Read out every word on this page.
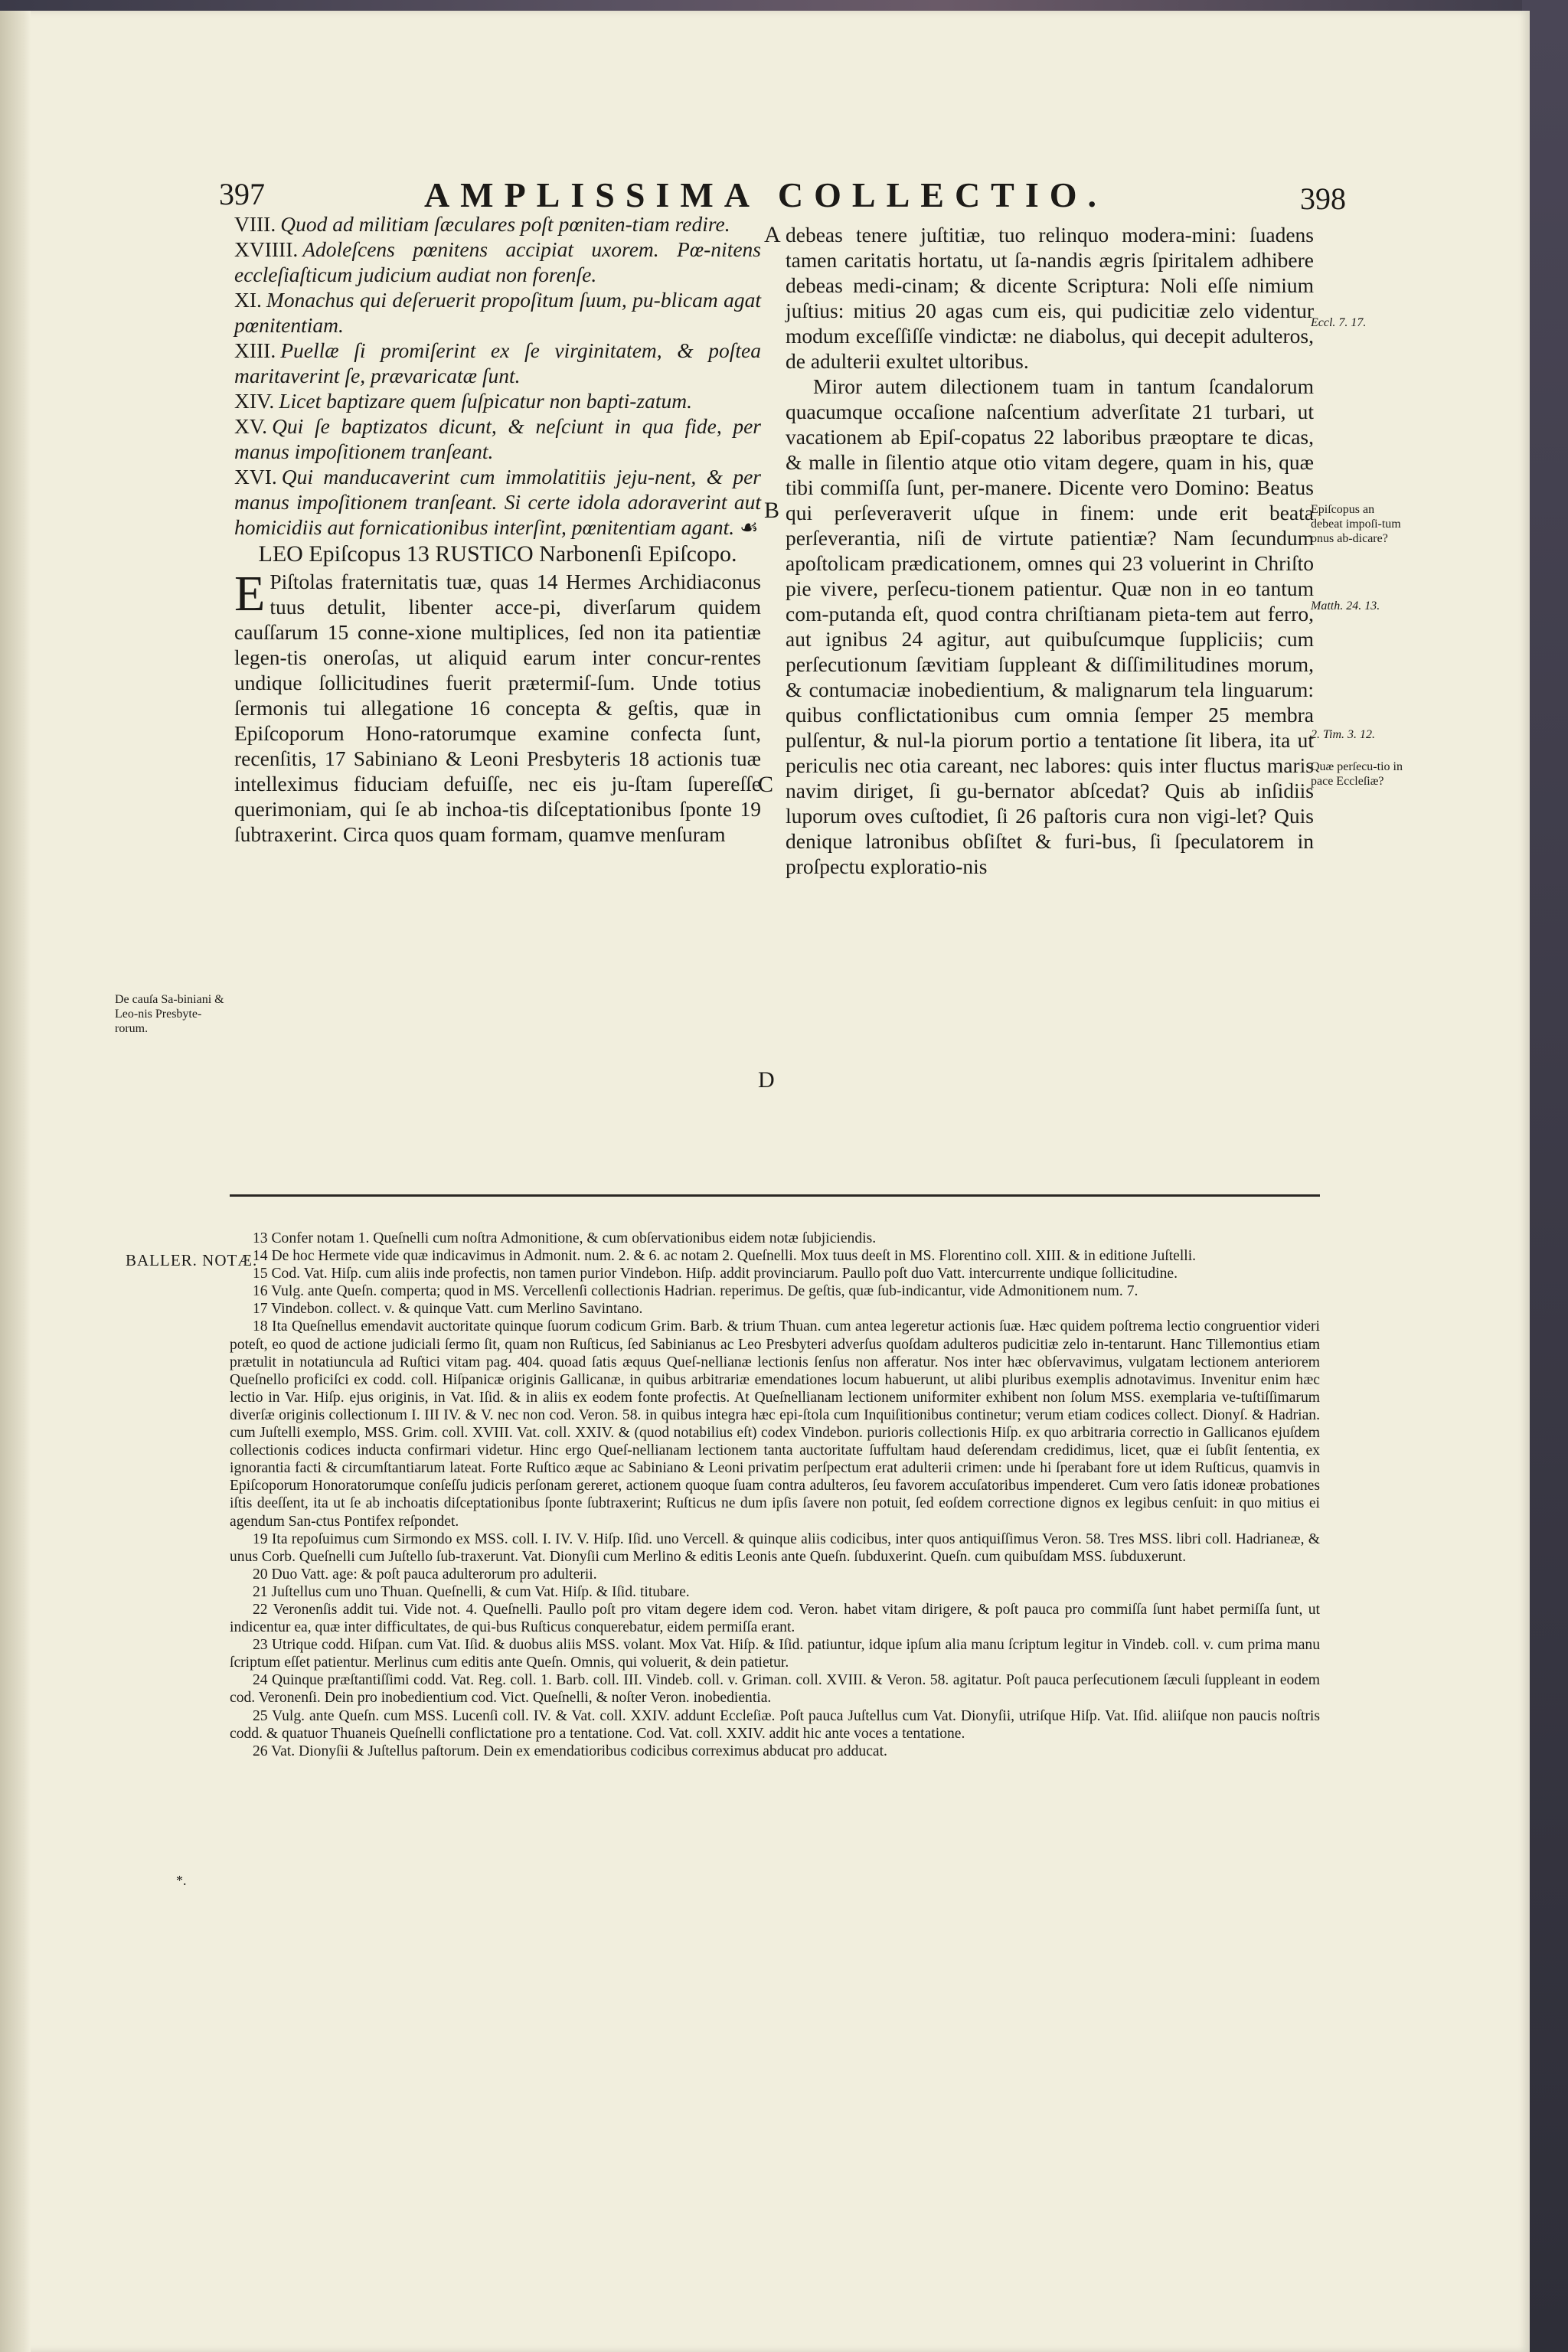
397	AMPLISSIMA COLLECTIO.	398

VIII. Quod ad militiam ſæculares poſt pœniten-tiam redire.

XVIIII. Adoleſcens pœnitens accipiat uxorem. Pœ-nitens eccleſiaſticum judicium audiat non forenſe.

XI. Monachus qui deſeruerit propoſitum ſuum, pu-blicam agat pœnitentiam.

XIII. Puellæ ſi promiſerint ex ſe virginitatem, & poſtea maritaverint ſe, prævaricatæ ſunt.

XIV. Licet baptizare quem ſuſpicatur non bapti-zatum.

XV. Qui ſe baptizatos dicunt, & neſciunt in qua fide, per manus impoſitionem tranſeant.

XVI. Qui manducaverint cum immolatitiis jeju-nent, & per manus impoſitionem tranſeant. Si certe idola adoraverint aut homicidiis aut fornicationibus interſint, pœnitentiam agant. ☙

LEO Epiſcopus 13 RUSTICO Narbonenſi Epiſcopo.

E Piſtolas fraternitatis tuæ, quas 14 Hermes Archidiaconus tuus detulit, libenter acce-pi, diverſarum quidem cauſſarum 15 conne-xione multiplices, ſed non ita patientiæ legen-tis oneroſas, ut aliquid earum inter concur-rentes undique ſollicitudines fuerit prætermiſ-ſum. Unde totius ſermonis tui allegatione 16 concepta & geſtis, quæ in Epiſcoporum Hono-ratorumque examine confecta ſunt, recenſitis, 17 Sabiniano & Leoni Presbyteris 18 actionis tuæ intelleximus fiduciam defuiſſe, nec eis ju-ſtam ſupereſſe querimoniam, qui ſe ab inchoa-tis diſceptationibus ſponte 19 ſubtraxerint. Circa quos quam formam, quamve menſuram

debeas tenere juſtitiæ, tuo relinquo modera-mini: ſuadens tamen caritatis hortatu, ut ſa-nandis ægris ſpiritalem adhibere debeas medi-cinam; & dicente Scriptura: Noli eſſe nimium juſtius: mitius 20 agas cum eis, qui pudicitiæ zelo videntur modum exceſſiſſe vindictæ: ne diabolus, qui decepit adulteros, de adulterii exultet ultoribus.

Miror autem dilectionem tuam in tantum ſcandalorum quacumque occaſione naſcentium adverſitate 21 turbari, ut vacationem ab Epiſ-copatus 22 laboribus præoptare te dicas, & malle in ſilentio atque otio vitam degere, quam in his, quæ tibi commiſſa ſunt, per-manere. Dicente vero Domino: Beatus qui perſeveraverit uſque in finem: unde erit beata perſeverantia, niſi de virtute patientiæ? Nam ſecundum apoſtolicam prædicationem, omnes qui 23 voluerint in Chriſto pie vivere, perſecu-tionem patientur. Quæ non in eo tantum com-putanda eſt, quod contra chriſtianam pieta-tem aut ferro, aut ignibus 24 agitur, aut quibuſcumque ſuppliciis; cum perſecutionum ſævitiam ſuppleant & diſſimilitudines morum, & contumaciæ inobedientium, & malignarum tela linguarum: quibus conflictationibus cum omnia ſemper 25 membra pulſentur, & nul-la piorum portio a tentatione ſit libera, ita ut periculis nec otia careant, nec labores: quis inter fluctus maris navim diriget, ſi gu-bernator abſcedat? Quis ab inſidiis luporum oves cuſtodiet, ſi 26 paſtoris cura non vigi-let? Quis denique latronibus obſiſtet & furi-bus, ſi ſpeculatorem in proſpectu exploratio-nis

A
B
C
D
Eccl. 7. 17.
Epiſcopus an debeat impoſi-tum onus ab-dicare?
Matth. 24. 13.
2. Tim. 3. 12.
Quæ perſecu-tio in pace Eccleſiæ?
De cauſa Sa-biniani & Leo-nis Presbyte-rorum.
BALLER. NOTÆ.
*.

13 Confer notam 1. Queſnelli cum noſtra Admonitione, & cum obſervationibus eidem notæ ſubjiciendis.

14 De hoc Hermete vide quæ indicavimus in Admonit. num. 2. & 6. ac notam 2. Queſnelli. Mox tuus deeſt in MS. Florentino coll. XIII. & in editione Juſtelli.

15 Cod. Vat. Hiſp. cum aliis inde profectis, non tamen purior Vindebon. Hiſp. addit provinciarum. Paullo poſt duo Vatt. intercurrente undique ſollicitudine.

16 Vulg. ante Queſn. comperta; quod in MS. Vercellenſi collectionis Hadrian. reperimus. De geſtis, quæ ſub-indicantur, vide Admonitionem num. 7.

17 Vindebon. collect. v. & quinque Vatt. cum Merlino Savintano.

18 Ita Queſnellus emendavit auctoritate quinque ſuorum codicum Grim. Barb. & trium Thuan. cum antea legeretur actionis ſuæ. Hæc quidem poſtrema lectio congruentior videri poteſt, eo quod de actione judiciali ſermo ſit, quam non Ruſticus, ſed Sabinianus ac Leo Presbyteri adverſus quoſdam adulteros pudicitiæ zelo in-tentarunt. Hanc Tillemontius etiam prætulit in notatiuncula ad Ruſtici vitam pag. 404. quoad ſatis æquus Queſ-nellianæ lectionis ſenſus non afferatur. Nos inter hæc obſervavimus, vulgatam lectionem anteriorem Queſnello proficiſci ex codd. coll. Hiſpanicæ originis Gallicanæ, in quibus arbitrariæ emendationes locum habuerunt, ut alibi pluribus exemplis adnotavimus. Invenitur enim hæc lectio in Var. Hiſp. ejus originis, in Vat. Iſid. & in aliis ex eodem fonte profectis. At Queſnellianam lectionem uniformiter exhibent non ſolum MSS. exemplaria ve-tuſtiſſimarum diverſæ originis collectionum I. III IV. & V. nec non cod. Veron. 58. in quibus integra hæc epi-ſtola cum Inquiſitionibus continetur; verum etiam codices collect. Dionyſ. & Hadrian. cum Juſtelli exemplo, MSS. Grim. coll. XVIII. Vat. coll. XXIV. & (quod notabilius eſt) codex Vindebon. purioris collectionis Hiſp. ex quo arbitraria correctio in Gallicanos ejuſdem collectionis codices inducta confirmari videtur. Hinc ergo Queſ-nellianam lectionem tanta auctoritate ſuffultam haud deſerendam credidimus, licet, quæ ei ſubſit ſententia, ex ignorantia facti & circumſtantiarum lateat. Forte Ruſtico æque ac Sabiniano & Leoni privatim perſpectum erat adulterii crimen: unde hi ſperabant fore ut idem Ruſticus, quamvis in Epiſcoporum Honoratorumque conſeſſu judicis perſonam gereret, actionem quoque ſuam contra adulteros, ſeu favorem accuſatoribus impenderet. Cum vero ſatis idoneæ probationes iſtis deeſſent, ita ut ſe ab inchoatis diſceptationibus ſponte ſubtraxerint; Ruſticus ne dum ipſis ſavere non potuit, ſed eoſdem correctione dignos ex legibus cenſuit: in quo mitius ei agendum San-ctus Pontifex reſpondet.

19 Ita repoſuimus cum Sirmondo ex MSS. coll. I. IV. V. Hiſp. Iſid. uno Vercell. & quinque aliis codicibus, inter quos antiquiſſimus Veron. 58. Tres MSS. libri coll. Hadrianeæ, & unus Corb. Queſnelli cum Juſtello ſub-traxerunt. Vat. Dionyſii cum Merlino & editis Leonis ante Queſn. ſubduxerint. Queſn. cum quibuſdam MSS. ſubduxerunt.

20 Duo Vatt. age: & poſt pauca adulterorum pro adulterii.

21 Juſtellus cum uno Thuan. Queſnelli, & cum Vat. Hiſp. & Iſid. titubare.

22 Veronenſis addit tui. Vide not. 4. Queſnelli. Paullo poſt pro vitam degere idem cod. Veron. habet vitam dirigere, & poſt pauca pro commiſſa ſunt habet permiſſa ſunt, ut indicentur ea, quæ inter difficultates, de qui-bus Ruſticus conquerebatur, eidem permiſſa erant.

23 Utrique codd. Hiſpan. cum Vat. Iſid. & duobus aliis MSS. volant. Mox Vat. Hiſp. & Iſid. patiuntur, idque ipſum alia manu ſcriptum legitur in Vindeb. coll. v. cum prima manu ſcriptum eſſet patientur. Merlinus cum editis ante Queſn. Omnis, qui voluerit, & dein patietur.

24 Quinque præſtantiſſimi codd. Vat. Reg. coll. 1. Barb. coll. III. Vindeb. coll. v. Griman. coll. XVIII. & Veron. 58. agitatur. Poſt pauca perſecutionem ſæculi ſuppleant in eodem cod. Veronenſi. Dein pro inobedientium cod. Vict. Queſnelli, & noſter Veron. inobedientia.

25 Vulg. ante Queſn. cum MSS. Lucenſi coll. IV. & Vat. coll. XXIV. addunt Eccleſiæ. Poſt pauca Juſtellus cum Vat. Dionyſii, utriſque Hiſp. Vat. Iſid. aliiſque non paucis noſtris codd. & quatuor Thuaneis Queſnelli conflictatione pro a tentatione. Cod. Vat. coll. XXIV. addit hic ante voces a tentatione.

26 Vat. Dionyſii & Juſtellus paſtorum. Dein ex emendatioribus codicibus correximus abducat pro adducat.
